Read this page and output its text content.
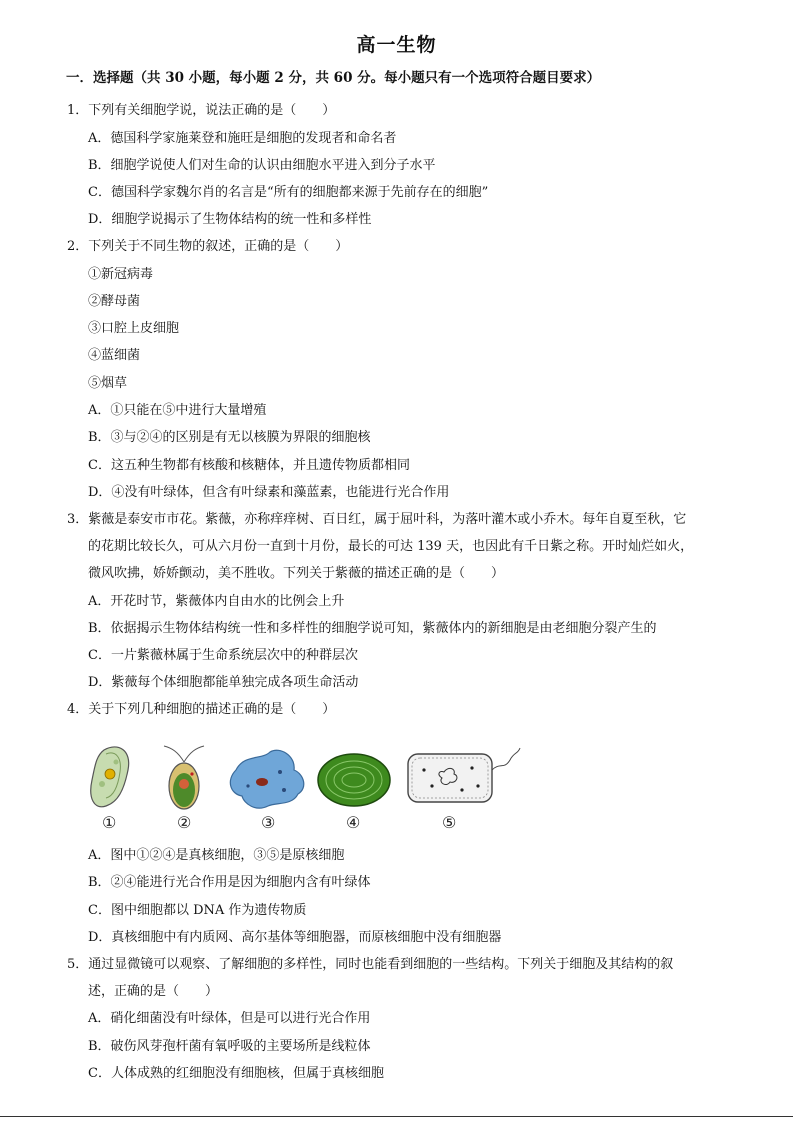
高一生物
一．选择题（共 30 小题，每小题 2 分，共 60 分。每小题只有一个选项符合题目要求）
1．下列有关细胞学说，说法正确的是（　　）
A．德国科学家施莱登和施旺是细胞的发现者和命名者
B．细胞学说使人们对生命的认识由细胞水平进入到分子水平
C．德国科学家魏尔肖的名言是“所有的细胞都来源于先前存在的细胞”
D．细胞学说揭示了生物体结构的统一性和多样性
2．下列关于不同生物的叙述，正确的是（　　）
①新冠病毒
②酵母菌
③口腔上皮细胞
④蓝细菌
⑤烟草
A．①只能在⑤中进行大量增殖
B．③与②④的区别是有无以核膜为界限的细胞核
C．这五种生物都有核酸和核糖体，并且遗传物质都相同
D．④没有叶绿体，但含有叶绿素和藻蓝素，也能进行光合作用
3．紫薇是泰安市市花。紫薇，亦称痒痒树、百日红，属于屈叶科，为落叶灌木或小乔木。每年自夏至秋，它
的花期比较长久，可从六月份一直到十月份，最长的可达 139 天，也因此有千日紫之称。开时灿烂如火，
微风吹拂，娇娇颤动，美不胜收。下列关于紫薇的描述正确的是（　　）
A．开花时节，紫薇体内自由水的比例会上升
B．依据揭示生物体结构统一性和多样性的细胞学说可知，紫薇体内的新细胞是由老细胞分裂产生的
C．一片紫薇林属于生命系统层次中的种群层次
D．紫薇每个体细胞都能单独完成各项生命活动
4．关于下列几种细胞的描述正确的是（　　）
①	②	③	④	⑤
A．图中①②④是真核细胞，③⑤是原核细胞
B．②④能进行光合作用是因为细胞内含有叶绿体
C．图中细胞都以 DNA 作为遗传物质
D．真核细胞中有内质网、高尔基体等细胞器，而原核细胞中没有细胞器
5．通过显微镜可以观察、了解细胞的多样性，同时也能看到细胞的一些结构。下列关于细胞及其结构的叙
述，正确的是（　　）
A．硝化细菌没有叶绿体，但是可以进行光合作用
B．破伤风芽孢杆菌有氧呼吸的主要场所是线粒体
C．人体成熟的红细胞没有细胞核，但属于真核细胞
